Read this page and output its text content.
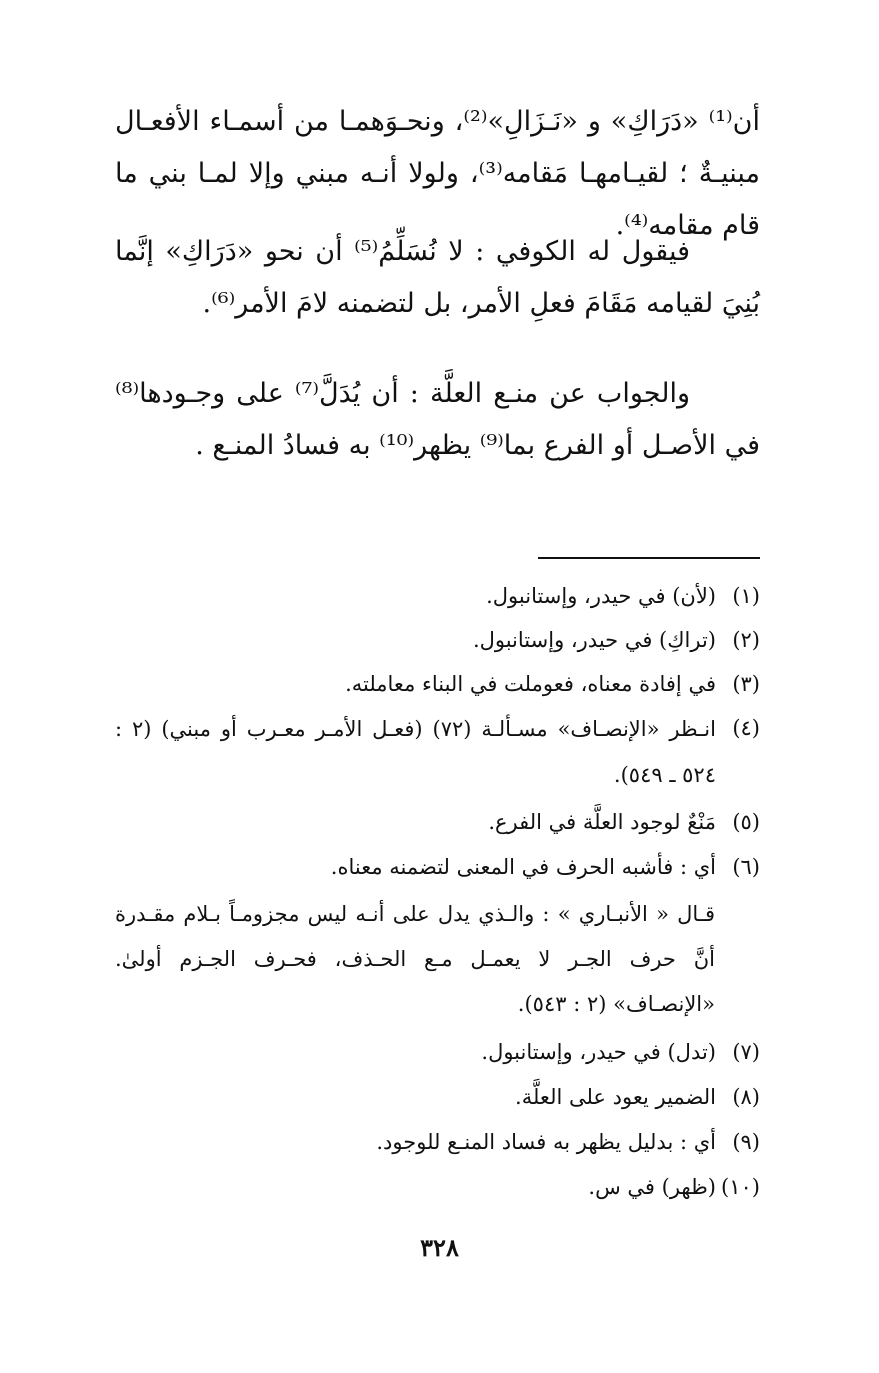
أن⁽¹⁾ «دَرَاكِ» و «نَـزَالِ»⁽²⁾، ونحـوَهمـا من أسمـاء الأفعـال مبنيـةٌ ؛ لقيـامهـا مَقامه⁽³⁾، ولولا أنـه مبني وإلا لمـا بني ما قام مقامه⁽⁴⁾.
فيقول له الكوفي : لا نُسَلِّمُ⁽⁵⁾ أن نحو «دَرَاكِ» إنَّما بُنِيَ لقيامه مَقَامَ فعلِ الأمر، بل لتضمنه لامَ الأمر⁽⁶⁾.
والجواب عن منـع العلَّة : أن يُدَلَّ⁽⁷⁾ على وجـودها⁽⁸⁾ في الأصـل أو الفرع بما⁽⁹⁾ يظهر⁽¹⁰⁾ به فسادُ المنـع .
(١)
(لأن) في حيدر، وإستانبول.
(٢)
(تراكِ) في حيدر، وإستانبول.
(٣)
في إفادة معناه، فعوملت في البناء معاملته.
(٤)
انـظر «الإنصـاف» مسـألـة (٧٢) (فعـل الأمـر معـرب أو مبني) (٢ : ٥٢٤ ـ ٥٤٩).
(٥)
مَنْعٌ لوجود العلَّة في الفرع.
(٦)
أي : فأشبه الحرف في المعنى لتضمنه معناه.
قـال « الأنبـاري » : والـذي يدل على أنـه ليس مجزومـاً بـلام مقـدرة أنَّ حرف الجـر لا يعمـل مـع الحـذف، فحـرف الجـزم أولىٰ. «الإنصـاف» (٢ : ٥٤٣).
(٧)
(تدل) في حيدر، وإستانبول.
(٨)
الضمير يعود على العلَّة.
(٩)
أي : بدليل يظهر به فساد المنـع للوجود.
(١٠)
(ظهر) في س.
٣٢٨
